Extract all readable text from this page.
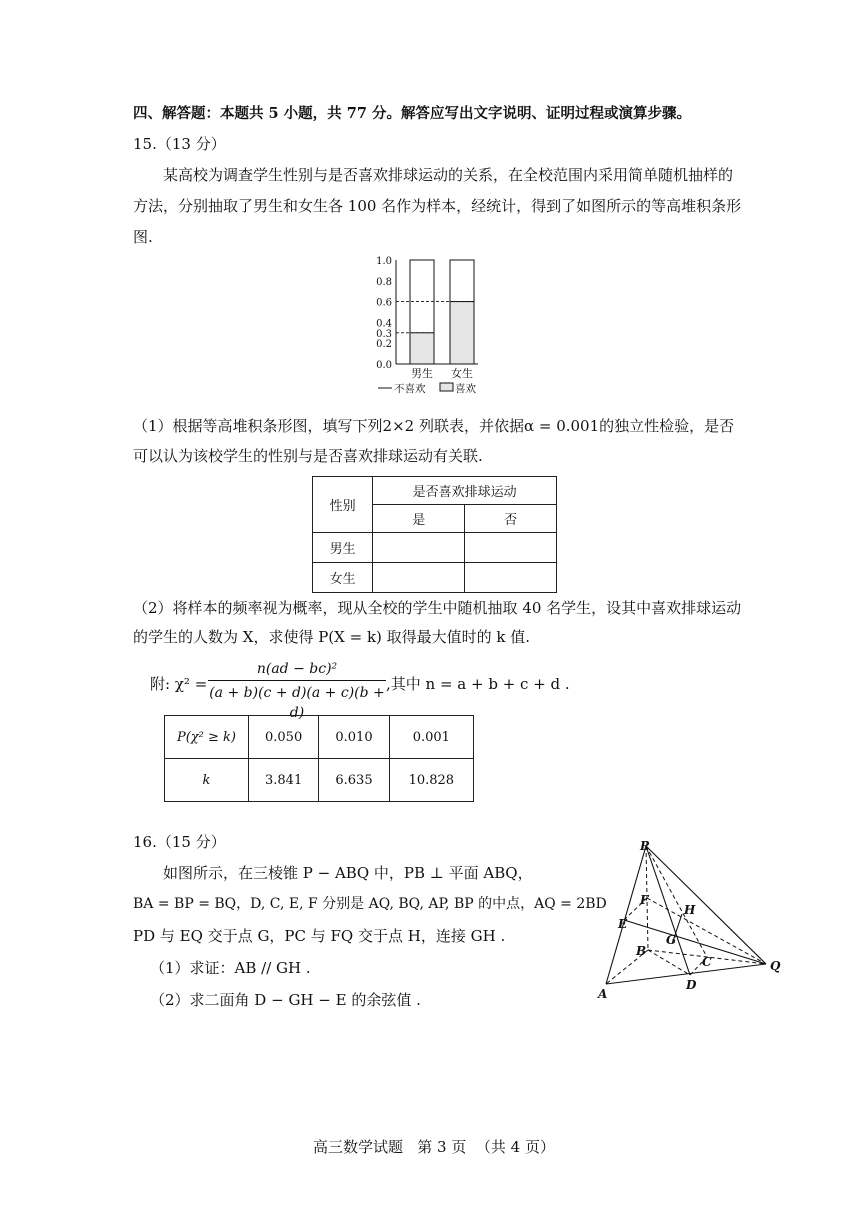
四、解答题：本题共 5 小题，共 77 分。解答应写出文字说明、证明过程或演算步骤。
15.（13 分）
某高校为调查学生性别与是否喜欢排球运动的关系，在全校范围内采用简单随机抽样的
方法，分别抽取了男生和女生各 100 名作为样本，经统计，得到了如图所示的等高堆积条形
图.
1.0
0.8
0.6
0.4
0.3
0.2
0.0
男生 女生
不喜欢	喜欢
（1）根据等高堆积条形图，填写下列2×2 列联表，并依据α = 0.001的独立性检验，是否
可以认为该校学生的性别与是否喜欢排球运动有关联.
性别	是否喜欢排球运动	
	是	否
男生		
女生		
（2）将样本的频率视为概率，现从全校的学生中随机抽取 40 名学生，设其中喜欢排球运动
的学生的人数为 X，求使得 P(X = k) 取得最大值时的 k 值.
附: $\chi^2 = \frac{\text{n(ad − bc)²}}{(a + b)(c + d)(a + c)(b + d)}$ ,其中 n = a + b + c + d .
P(χ² ≥ k)	0.050	0.010	0.001
k	3.841	6.635	10.828
16.（15 分）
如图所示，在三棱锥 P − ABQ 中，PB ⊥ 平面 ABQ，
BA = BP = BQ，D, C, E, F 分别是 AQ, BQ, AP, BP 的中点，AQ = 2BD
PD 与 EQ 交于点 G，PC 与 FQ 交于点 H，连接 GH .
（1）求证：AB // GH .
（2）求二面角 D − GH − E 的余弦值 .
P
F
H
E
G
B
C	Q
A
D
高三数学试题   第 3 页  （共 4 页）
